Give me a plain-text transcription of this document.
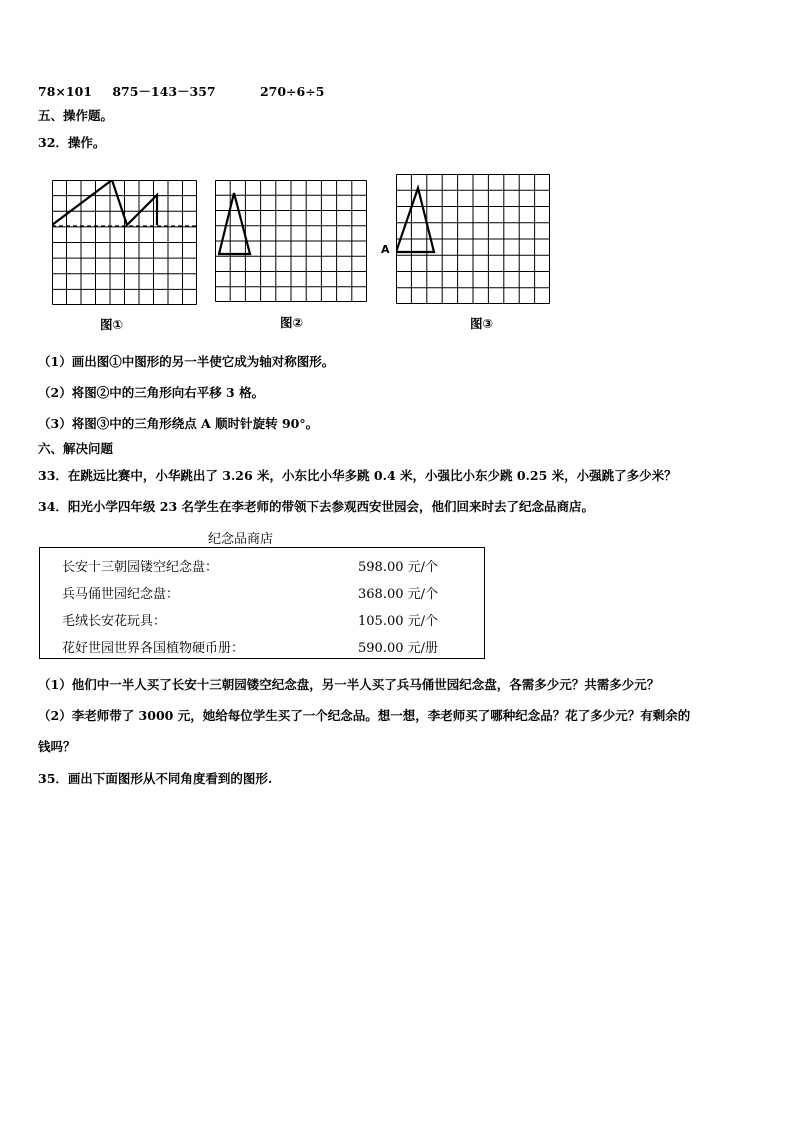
78×101 875－143－357	270÷6÷5
五、操作题。
32．操作。
图①	图②
A
图③
（1）画出图①中图形的另一半使它成为轴对称图形。
（2）将图②中的三角形向右平移 3 格。
（3）将图③中的三角形绕点 A 顺时针旋转 90°。
六、解决问题
33．在跳远比赛中，小华跳出了 3.26 米，小东比小华多跳 0.4 米，小强比小东少跳 0.25 米，小强跳了多少米？
34．阳光小学四年级 23 名学生在李老师的带领下去参观西安世园会，他们回来时去了纪念品商店。
纪念品商店
长安十三朝园镂空纪念盘：	598.00 元/个
兵马俑世园纪念盘：	368.00 元/个
毛绒长安花玩具：	105.00 元/个
花好世园世界各国植物硬币册：	590.00 元/册
（1）他们中一半人买了长安十三朝园镂空纪念盘，另一半人买了兵马俑世园纪念盘，各需多少元？共需多少元？
（2）李老师带了 3000 元，她给每位学生买了一个纪念品。想一想，李老师买了哪种纪念品？花了多少元？有剩余的
钱吗？
35．画出下面图形从不同角度看到的图形.
